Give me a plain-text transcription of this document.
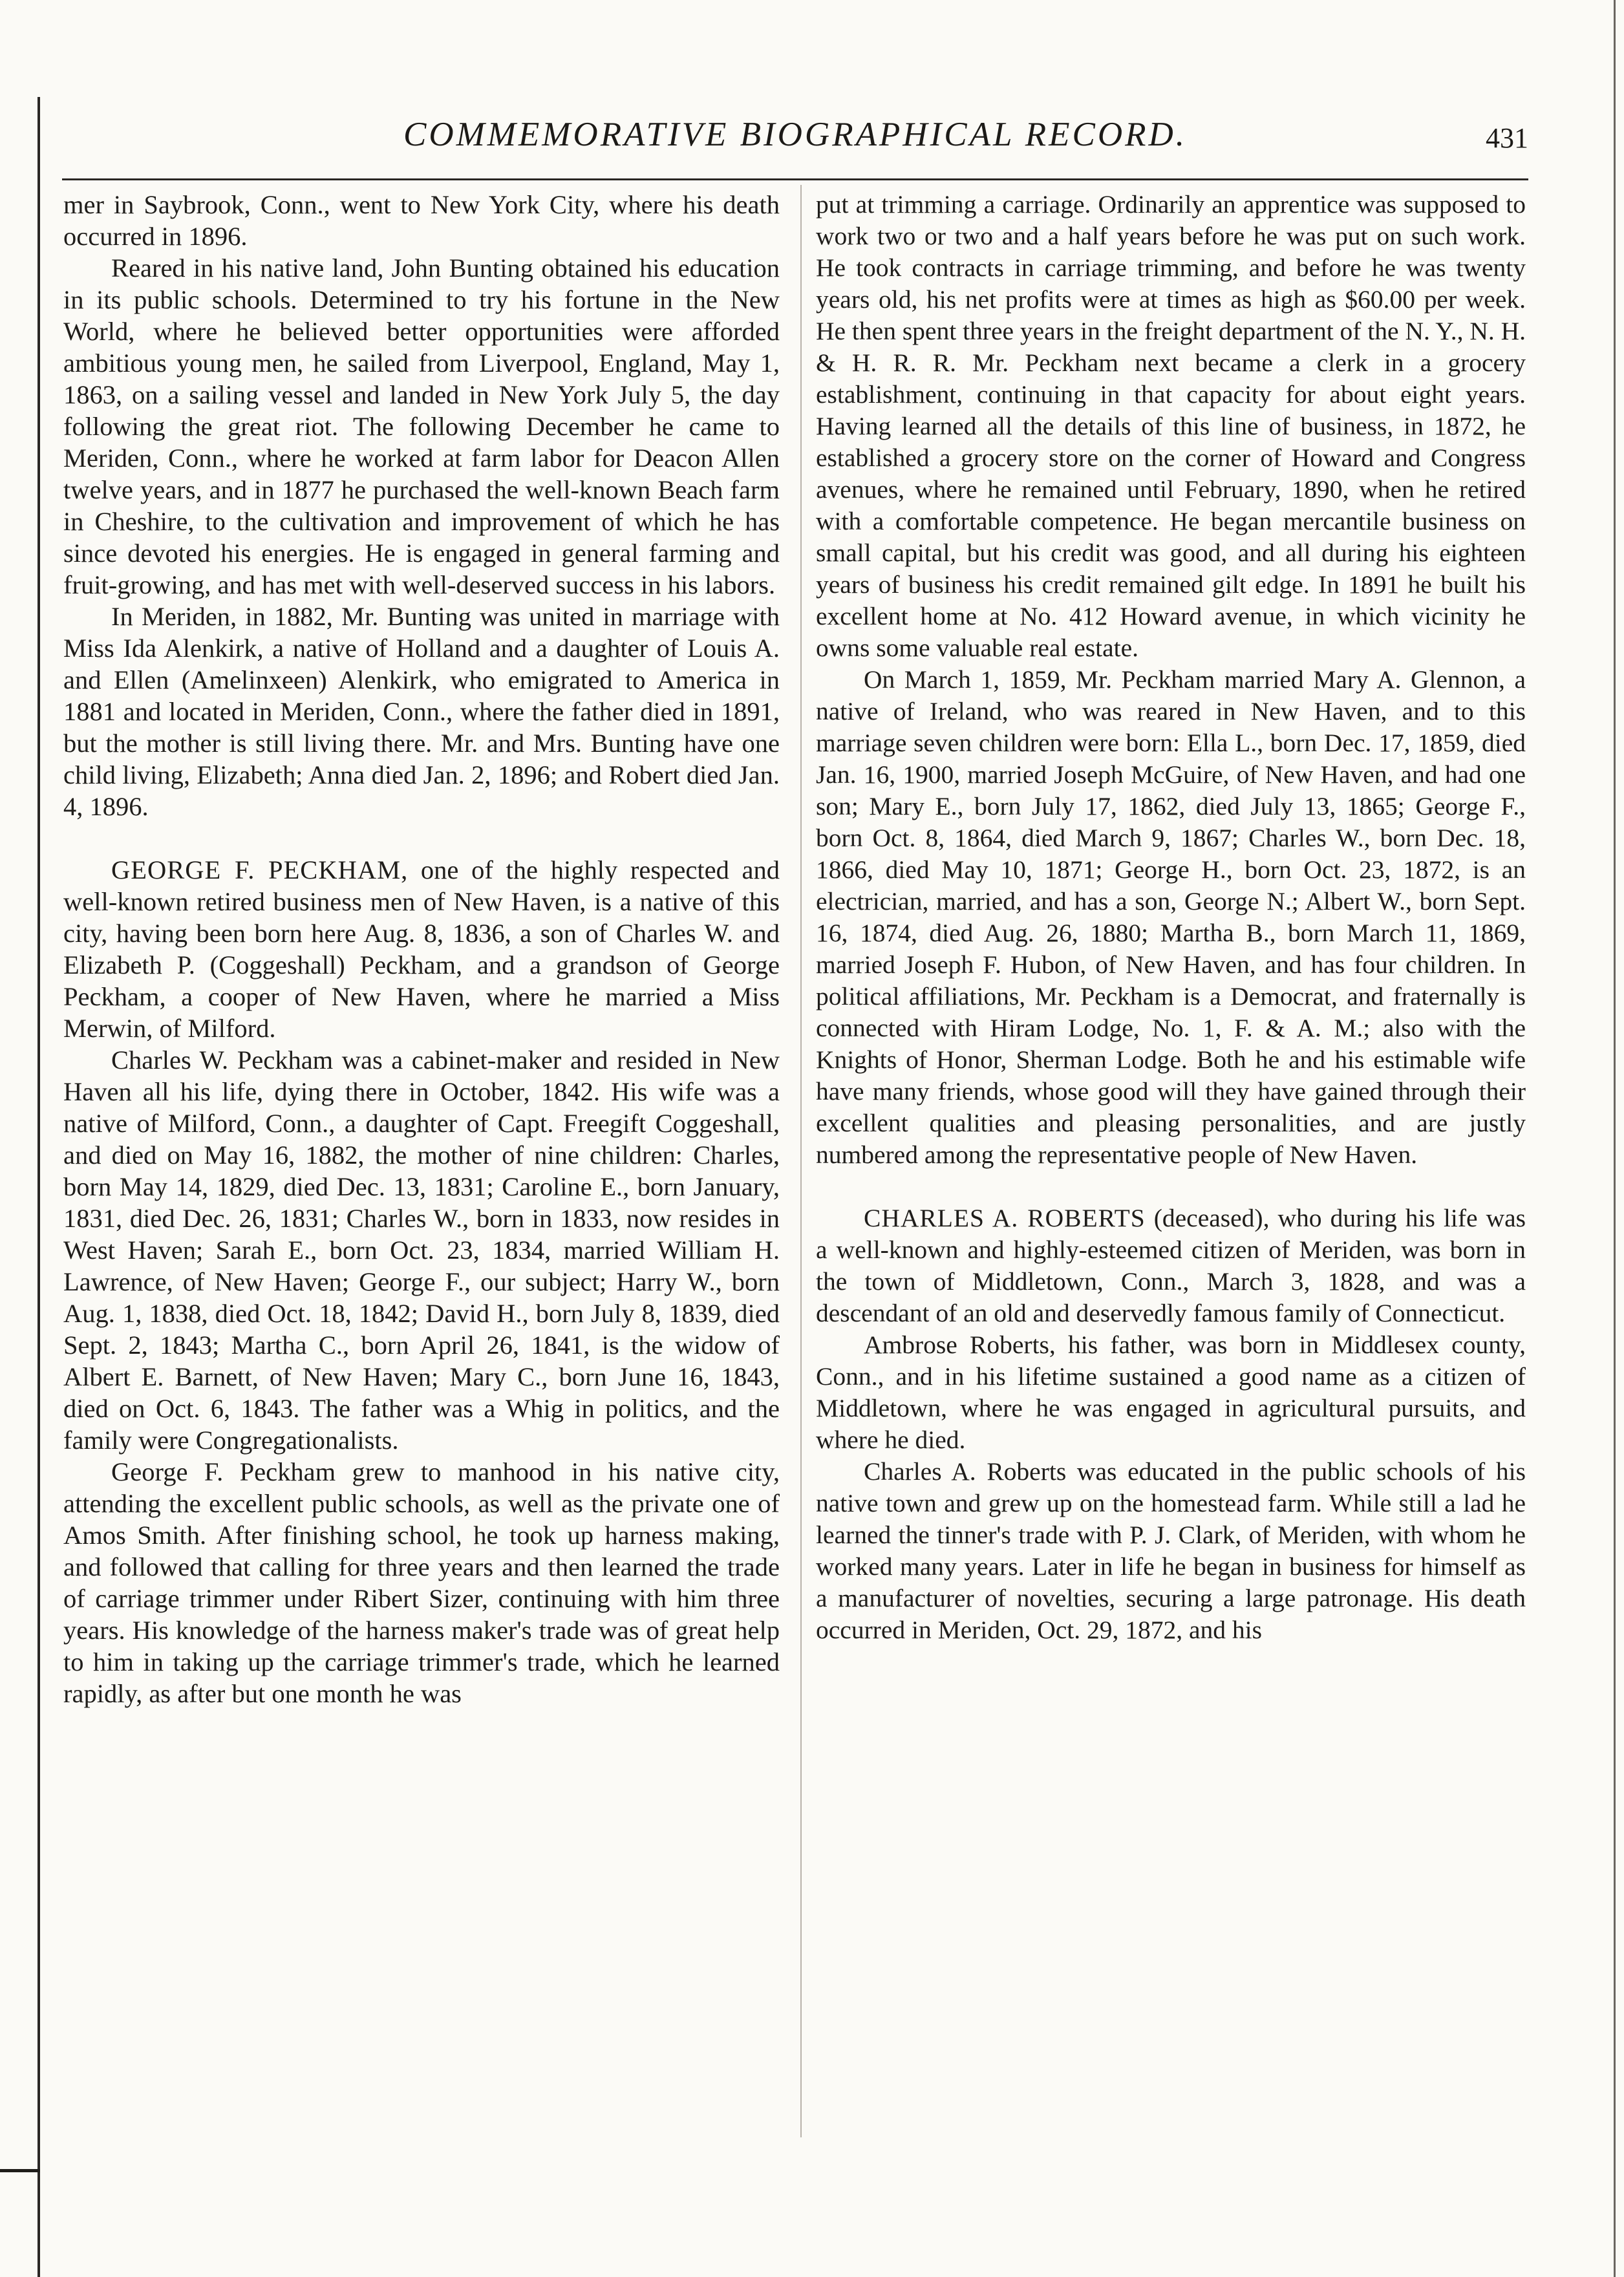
COMMEMORATIVE BIOGRAPHICAL RECORD.	431

mer in Saybrook, Conn., went to New York City, where his death occurred in 1896.

Reared in his native land, John Bunting obtained his education in its public schools. Determined to try his fortune in the New World, where he believed better opportunities were afforded ambitious young men, he sailed from Liverpool, England, May 1, 1863, on a sailing vessel and landed in New York July 5, the day following the great riot. The following December he came to Meriden, Conn., where he worked at farm labor for Deacon Allen twelve years, and in 1877 he purchased the well-known Beach farm in Cheshire, to the cultivation and improvement of which he has since devoted his energies. He is engaged in general farming and fruit-growing, and has met with well-deserved success in his labors.

In Meriden, in 1882, Mr. Bunting was united in marriage with Miss Ida Alenkirk, a native of Holland and a daughter of Louis A. and Ellen (Amelinxeen) Alenkirk, who emigrated to America in 1881 and located in Meriden, Conn., where the father died in 1891, but the mother is still living there. Mr. and Mrs. Bunting have one child living, Elizabeth; Anna died Jan. 2, 1896; and Robert died Jan. 4, 1896.

GEORGE F. PECKHAM, one of the highly respected and well-known retired business men of New Haven, is a native of this city, having been born here Aug. 8, 1836, a son of Charles W. and Elizabeth P. (Coggeshall) Peckham, and a grandson of George Peckham, a cooper of New Haven, where he married a Miss Merwin, of Milford.

Charles W. Peckham was a cabinet-maker and resided in New Haven all his life, dying there in October, 1842. His wife was a native of Milford, Conn., a daughter of Capt. Freegift Coggeshall, and died on May 16, 1882, the mother of nine children: Charles, born May 14, 1829, died Dec. 13, 1831; Caroline E., born January, 1831, died Dec. 26, 1831; Charles W., born in 1833, now resides in West Haven; Sarah E., born Oct. 23, 1834, married William H. Lawrence, of New Haven; George F., our subject; Harry W., born Aug. 1, 1838, died Oct. 18, 1842; David H., born July 8, 1839, died Sept. 2, 1843; Martha C., born April 26, 1841, is the widow of Albert E. Barnett, of New Haven; Mary C., born June 16, 1843, died on Oct. 6, 1843. The father was a Whig in politics, and the family were Congregationalists.

George F. Peckham grew to manhood in his native city, attending the excellent public schools, as well as the private one of Amos Smith. After finishing school, he took up harness making, and followed that calling for three years and then learned the trade of carriage trimmer under Ribert Sizer, continuing with him three years. His knowledge of the harness maker's trade was of great help to him in taking up the carriage trimmer's trade, which he learned rapidly, as after but one month he was

put at trimming a carriage. Ordinarily an apprentice was supposed to work two or two and a half years before he was put on such work. He took contracts in carriage trimming, and before he was twenty years old, his net profits were at times as high as $60.00 per week. He then spent three years in the freight department of the N. Y., N. H. & H. R. R. Mr. Peckham next became a clerk in a grocery establishment, continuing in that capacity for about eight years. Having learned all the details of this line of business, in 1872, he established a grocery store on the corner of Howard and Congress avenues, where he remained until February, 1890, when he retired with a comfortable competence. He began mercantile business on small capital, but his credit was good, and all during his eighteen years of business his credit remained gilt edge. In 1891 he built his excellent home at No. 412 Howard avenue, in which vicinity he owns some valuable real estate.

On March 1, 1859, Mr. Peckham married Mary A. Glennon, a native of Ireland, who was reared in New Haven, and to this marriage seven children were born: Ella L., born Dec. 17, 1859, died Jan. 16, 1900, married Joseph McGuire, of New Haven, and had one son; Mary E., born July 17, 1862, died July 13, 1865; George F., born Oct. 8, 1864, died March 9, 1867; Charles W., born Dec. 18, 1866, died May 10, 1871; George H., born Oct. 23, 1872, is an electrician, married, and has a son, George N.; Albert W., born Sept. 16, 1874, died Aug. 26, 1880; Martha B., born March 11, 1869, married Joseph F. Hubon, of New Haven, and has four children. In political affiliations, Mr. Peckham is a Democrat, and fraternally is connected with Hiram Lodge, No. 1, F. & A. M.; also with the Knights of Honor, Sherman Lodge. Both he and his estimable wife have many friends, whose good will they have gained through their excellent qualities and pleasing personalities, and are justly numbered among the representative people of New Haven.

CHARLES A. ROBERTS (deceased), who during his life was a well-known and highly-esteemed citizen of Meriden, was born in the town of Middletown, Conn., March 3, 1828, and was a descendant of an old and deservedly famous family of Connecticut.

Ambrose Roberts, his father, was born in Middlesex county, Conn., and in his lifetime sustained a good name as a citizen of Middletown, where he was engaged in agricultural pursuits, and where he died.

Charles A. Roberts was educated in the public schools of his native town and grew up on the homestead farm. While still a lad he learned the tinner's trade with P. J. Clark, of Meriden, with whom he worked many years. Later in life he began in business for himself as a manufacturer of novelties, securing a large patronage. His death occurred in Meriden, Oct. 29, 1872, and his
